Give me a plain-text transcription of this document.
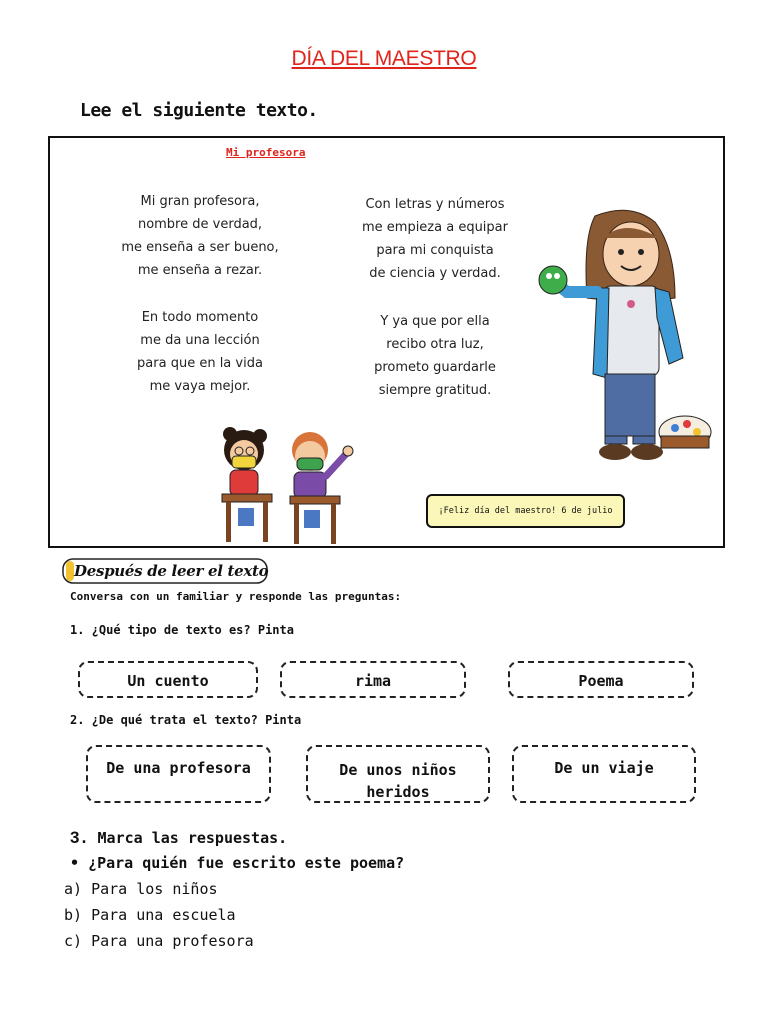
DÍA DEL MAESTRO
Lee el siguiente texto.
Mi profesora
Mi gran profesora,
nombre de verdad,
me enseña a ser bueno,
me enseña a rezar.
En todo momento
me da una lección
para que en la vida
me vaya mejor.
Con letras y números
me empieza a equipar
para mi conquista
de ciencia y verdad.
Y ya que por ella
recibo otra luz,
prometo guardarle
siempre gratitud.
¡Feliz día del maestro! 6 de julio
Después de leer el texto
Conversa con un familiar y responde las preguntas:
1. ¿Qué tipo de texto es? Pinta
Un cuento	rima	Poema
2. ¿De qué trata el texto? Pinta
De una profesora	De unos niños heridos
De un viaje
3. Marca las respuestas.
• ¿Para quién fue escrito este poema?
a) Para los niños
b) Para una escuela
c) Para una profesora
